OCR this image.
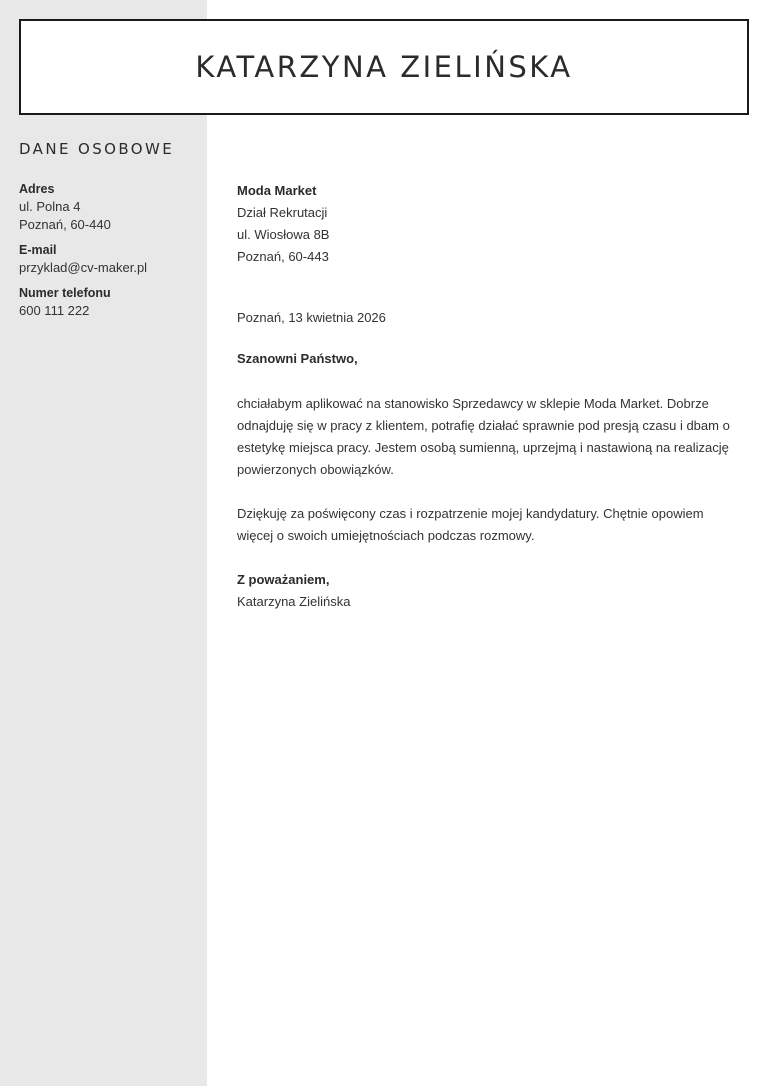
KATARZYNA ZIELIŃSKA
DANE OSOBOWE
Adres
ul. Polna 4
Poznań, 60-440
E-mail
przyklad@cv-maker.pl
Numer telefonu
600 111 222

Moda Market

Dział Rekrutacji

ul. Wiosłowa 8B

Poznań, 60-443

Poznań, 13 kwietnia 2026

Szanowni Państwo,

chciałabym aplikować na stanowisko Sprzedawcy w sklepie Moda Market. Dobrze odnajduję się w pracy z klientem, potrafię działać sprawnie pod presją czasu i dbam o estetykę miejsca pracy. Jestem osobą sumienną, uprzejmą i nastawioną na realizację powierzonych obowiązków.

Dziękuję za poświęcony czas i rozpatrzenie mojej kandydatury. Chętnie opowiem więcej o swoich umiejętnościach podczas rozmowy.

Z poważaniem,

Katarzyna Zielińska
